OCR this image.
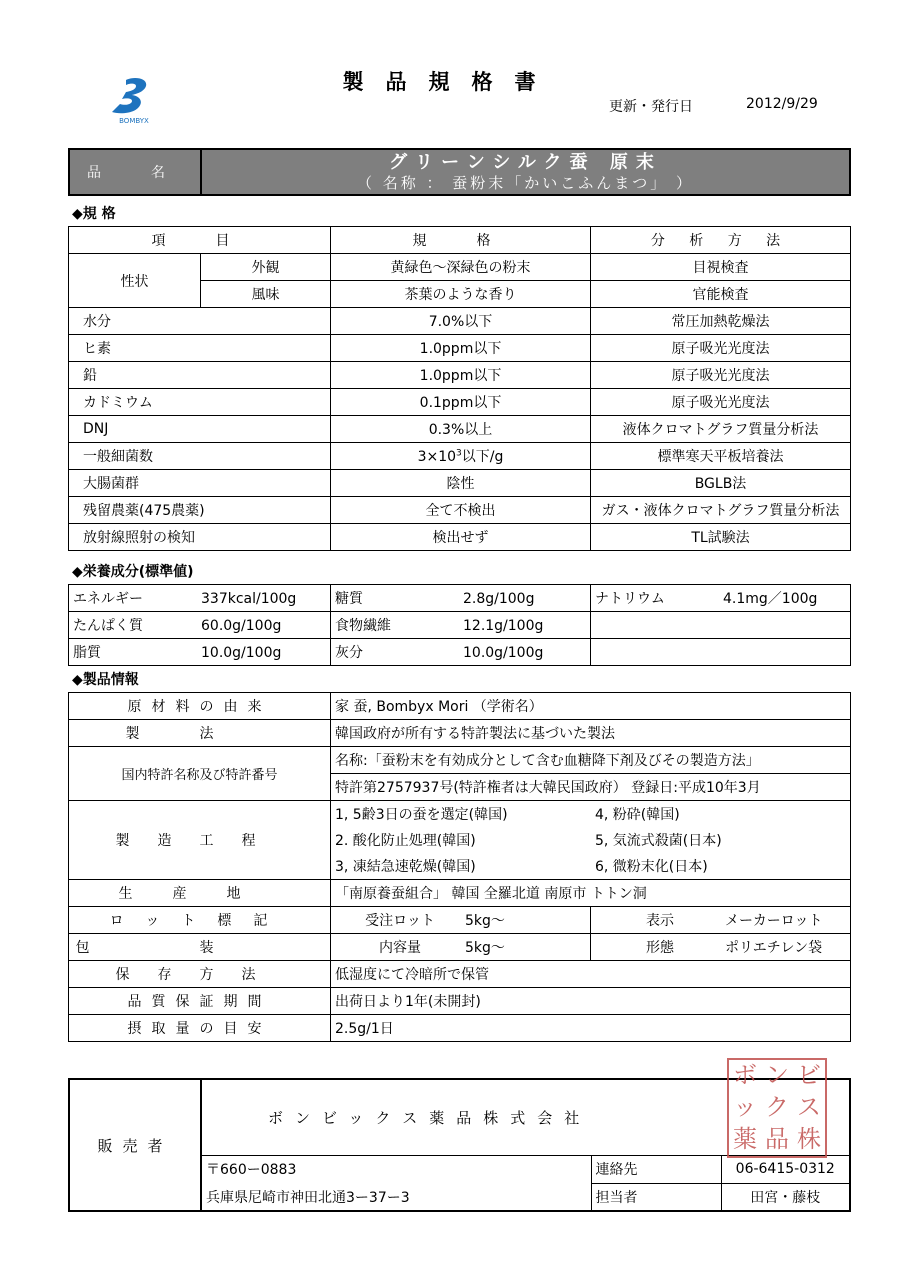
製品規格書
BOMBYX
更新・発行日	2012/9/29
品　名	グリーンシルク蚕 原末
（ 名称 ： 蚕粉末「かいこふんまつ」 ）
◆規 格
項　目		規　格	分 析 方 法
性状	外観	黄緑色～深緑色の粉末	目視検査
	風味	茶葉のような香り	官能検査
水分		7.0%以下	常圧加熱乾燥法
ヒ素		1.0ppm以下	原子吸光光度法
鉛		1.0ppm以下	原子吸光光度法
カドミウム		0.1ppm以下	原子吸光光度法
DNJ		0.3%以上	液体クロマトグラフ質量分析法
一般細菌数		$3\times 10^3$以下/g	標準寒天平板培養法
大腸菌群		陰性	BGLB法
残留農薬(475農薬)		全て不検出	ガス・液体クロマトグラフ質量分析法
放射線照射の検知		検出せず	TL試験法
◆栄養成分(標準値)
エネルギー 337kcal/100g	糖質 2.8g/100g	ナトリウム 4.1mg／100g
たんぱく質 60.0g/100g	食物繊維 12.1g/100g	
脂質 10.0g/100g	灰分 10.0g/100g	
◆製品情報
原材料の由来	家 蚕, Bombyx Mori （学術名）	
製法	韓国政府が所有する特許製法に基づいた製法	
国内特許名称及び特許番号	名称:「蚕粉末を有効成分として含む血糖降下剤及びその製造方法」	
	特許第2757937号(特許権者は大韓民国政府） 登録日:平成10年3月	
製造工程	1, 5齢3日の蚕を選定(韓国) 4, 粉砕(韓国)	
	2. 酸化防止処理(韓国) 5, 気流式殺菌(日本)	
	3, 凍結急速乾燥(韓国) 6, 微粉末化(日本)	
生産地	「南原養蚕組合」 韓国 全羅北道 南原市 トトン洞	
ロット標記	受注ロット 5kg～	表示 メーカーロット
包装	内容量 5kg～	形態 ポリエチレン袋
保存方法	低湿度にて冷暗所で保管	
品質保証期間	出荷日より1年(未開封)	
摂取量の目安	2.5g/1日	
販売者	ボンビックス薬品株式会社		
	〒660ー0883	連絡先	06-6415-0312
	兵庫県尼崎市神田北通3ー37ー3	担当者	田宮・藤枝
ボ ン ビ
ッ ク ス
薬 品 株
